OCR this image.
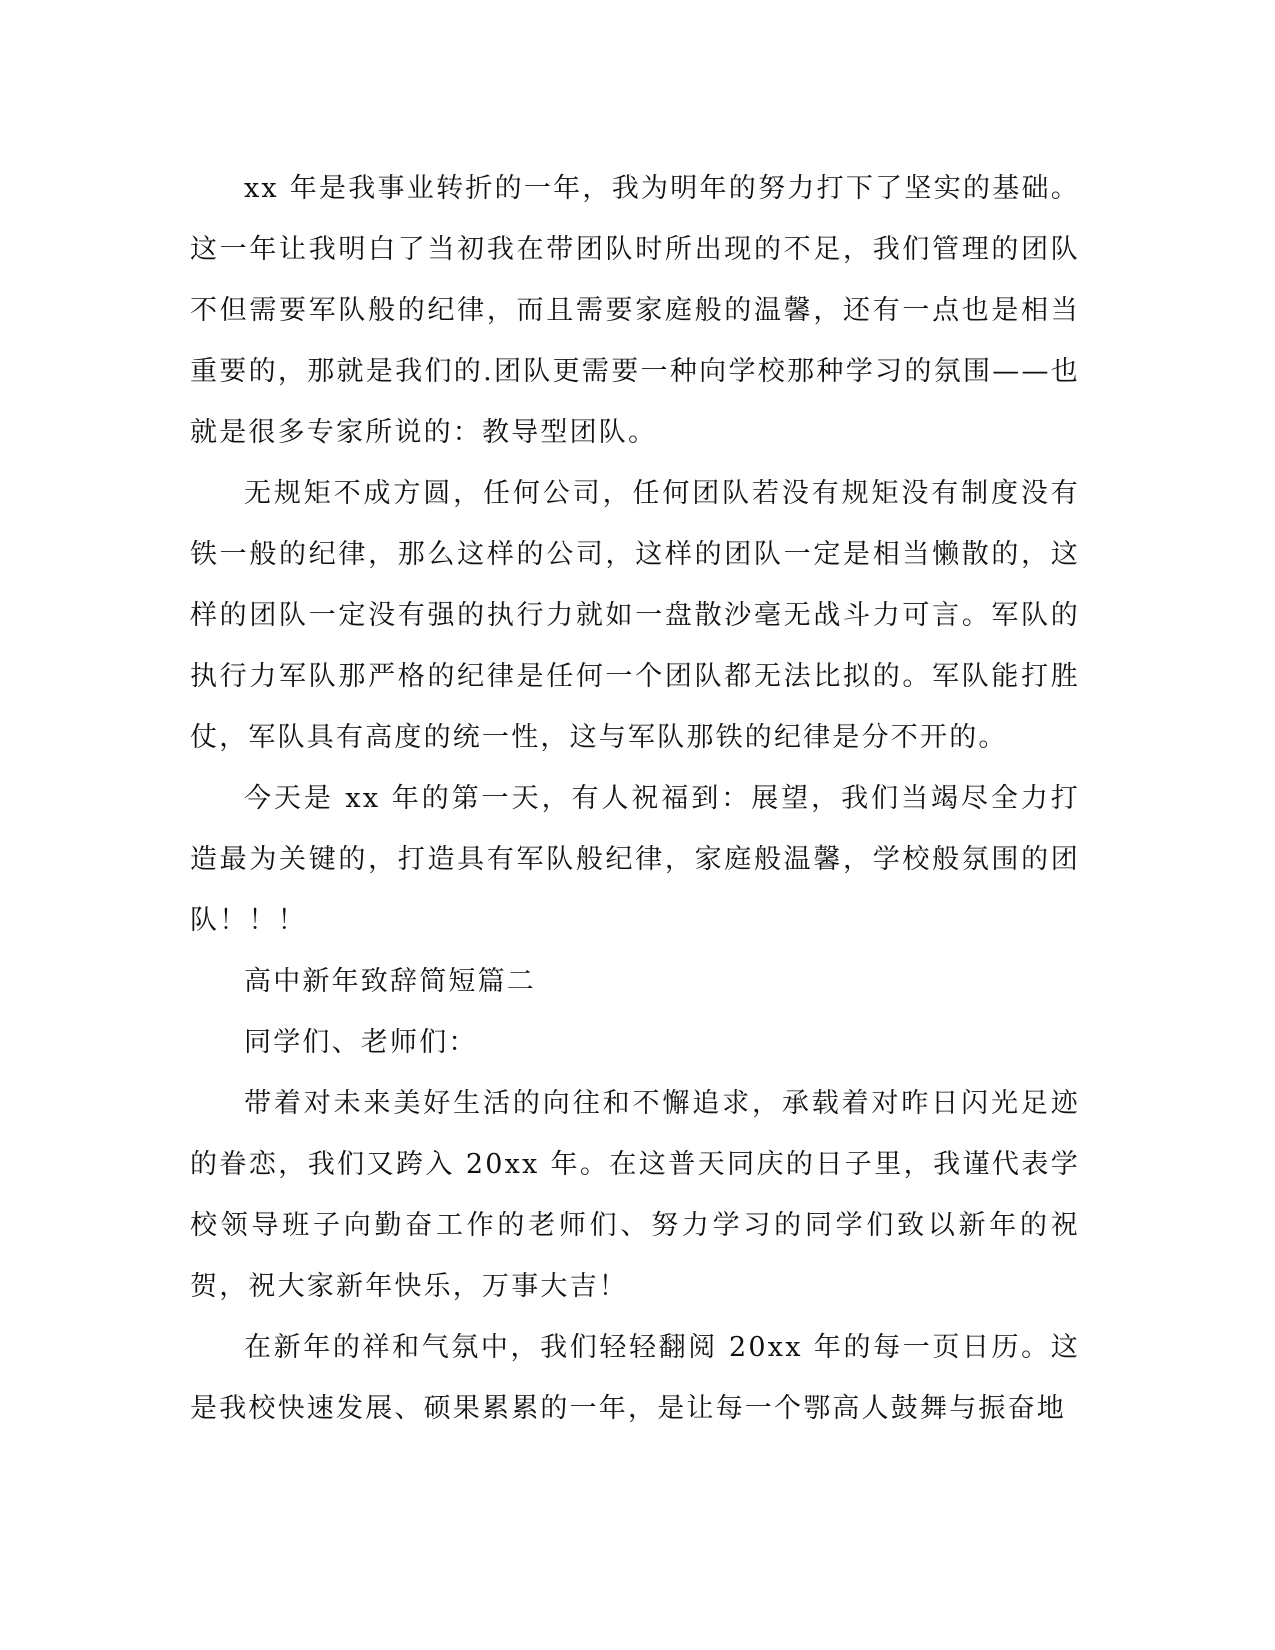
xx 年是我事业转折的一年，我为明年的努力打下了坚实的基础。这一年让我明白了当初我在带团队时所出现的不足，我们管理的团队不但需要军队般的纪律，而且需要家庭般的温馨，还有一点也是相当重要的，那就是我们的.团队更需要一种向学校那种学习的氛围——也就是很多专家所说的：教导型团队。

无规矩不成方圆，任何公司，任何团队若没有规矩没有制度没有铁一般的纪律，那么这样的公司，这样的团队一定是相当懒散的，这样的团队一定没有强的执行力就如一盘散沙毫无战斗力可言。军队的执行力军队那严格的纪律是任何一个团队都无法比拟的。军队能打胜仗，军队具有高度的统一性，这与军队那铁的纪律是分不开的。

今天是 xx 年的第一天，有人祝福到：展望，我们当竭尽全力打造最为关键的，打造具有军队般纪律，家庭般温馨，学校般氛围的团队！！！

高中新年致辞简短篇二

同学们、老师们：

带着对未来美好生活的向往和不懈追求，承载着对昨日闪光足迹的眷恋，我们又跨入 20xx 年。在这普天同庆的日子里，我谨代表学校领导班子向勤奋工作的老师们、努力学习的同学们致以新年的祝贺，祝大家新年快乐，万事大吉！

在新年的祥和气氛中，我们轻轻翻阅 20xx 年的每一页日历。这是我校快速发展、硕果累累的一年，是让每一个鄂高人鼓舞与振奋地
